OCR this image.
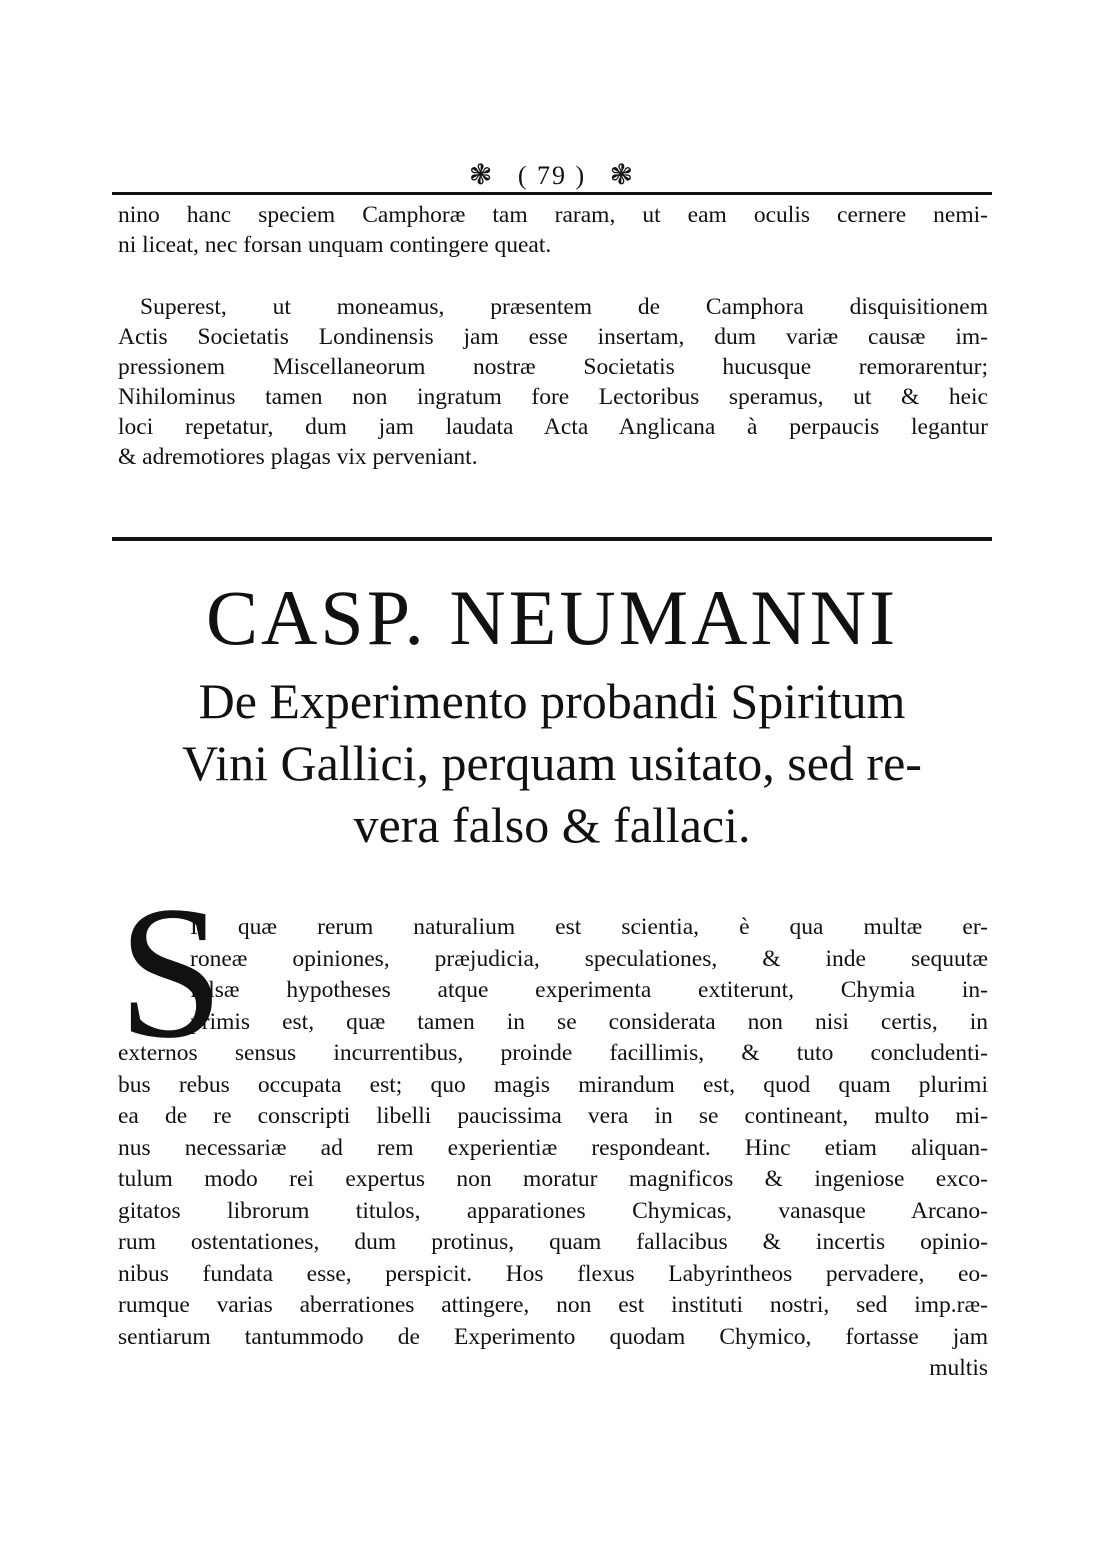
❃ ( 79 ) ❃
nino hanc speciem Camphoræ tam raram, ut eam oculis cernere nemi-
ni liceat, nec forsan unquam contingere queat.
Superest, ut moneamus, præsentem de Camphora disquisitionem
Actis Societatis Londinensis jam esse insertam, dum variæ causæ im-
pressionem Miscellaneorum nostræ Societatis hucusque remorarentur;
Nihilominus tamen non ingratum fore Lectoribus speramus, ut & heic
loci repetatur, dum jam laudata Acta Anglicana à perpaucis legantur
& adremotiores plagas vix perveniant.
CASP. NEUMANNI
De Experimento probandi Spiritum
Vini Gallici, perquam usitato, sed re-
vera falso & fallaci.
S
I quæ rerum naturalium est scientia, è qua multæ er-
roneæ opiniones, præjudicia, speculationes, & inde sequutæ
falsæ hypotheses atque experimenta extiterunt, Chymia in-
primis est, quæ tamen in se considerata non nisi certis, in
externos sensus incurrentibus, proinde facillimis, & tuto concludenti-
bus rebus occupata est; quo magis mirandum est, quod quam plurimi
ea de re conscripti libelli paucissima vera in se contineant, multo mi-
nus necessariæ ad rem experientiæ respondeant. Hinc etiam aliquan-
tulum modo rei expertus non moratur magnificos & ingeniose exco-
gitatos librorum titulos, apparationes Chymicas, vanasque Arcano-
rum ostentationes, dum protinus, quam fallacibus & incertis opinio-
nibus fundata esse, perspicit. Hos flexus Labyrintheos pervadere, eo-
rumque varias aberrationes attingere, non est instituti nostri, sed imp.ræ-
sentiarum tantummodo de Experimento quodam Chymico, fortasse jam
multis
